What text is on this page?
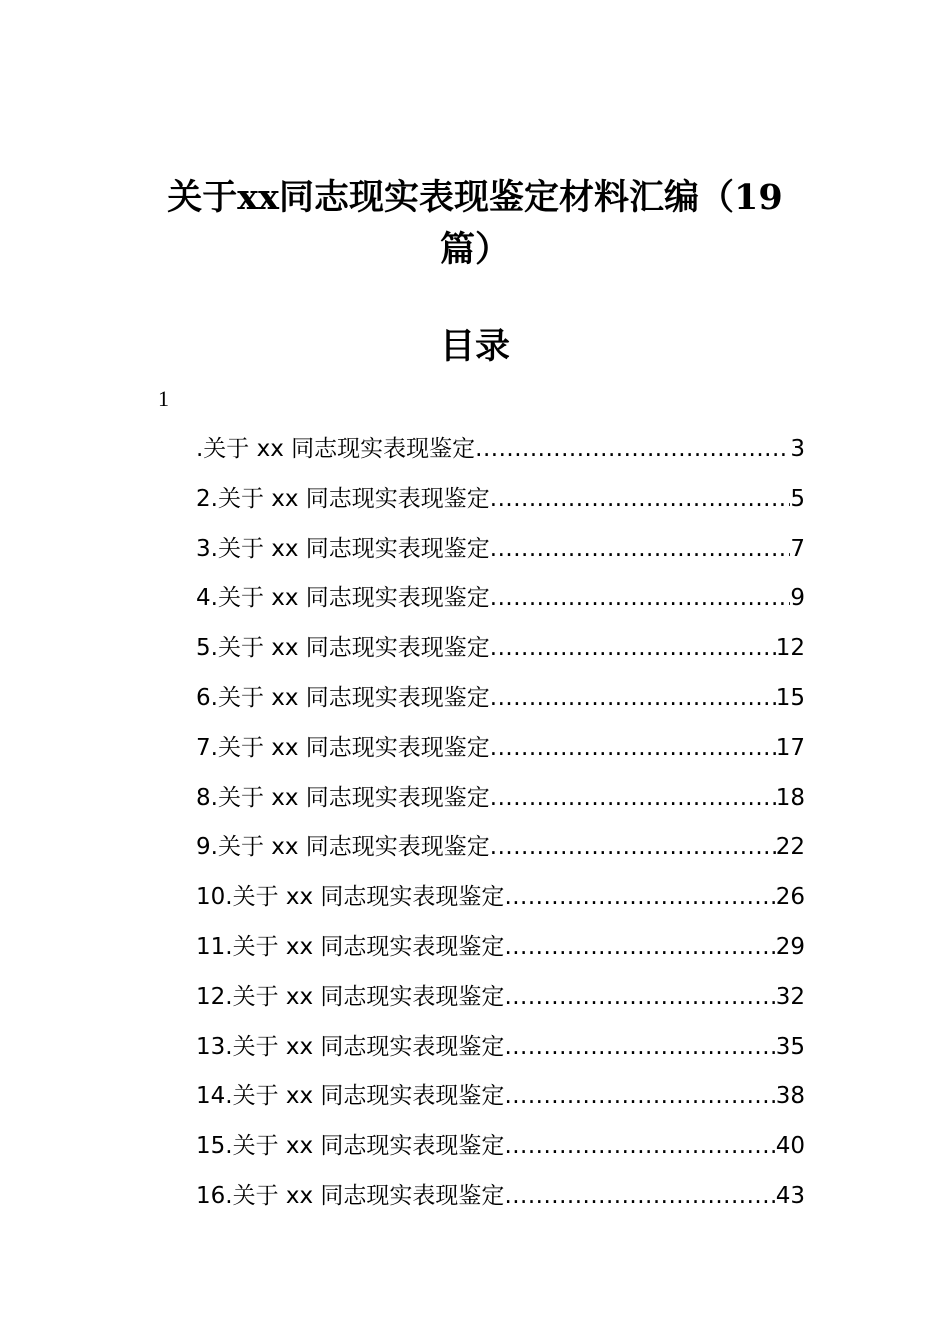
关于xx同志现实表现鉴定材料汇编（19篇）
目录
1
.关于 xx 同志现实表现鉴定 .....	3
2.关于 xx 同志现实表现鉴定 .....	5
3.关于 xx 同志现实表现鉴定 .....	7
4.关于 xx 同志现实表现鉴定 .....	9
5.关于 xx 同志现实表现鉴定 .....	12
6.关于 xx 同志现实表现鉴定 .....	15
7.关于 xx 同志现实表现鉴定 .....	17
8.关于 xx 同志现实表现鉴定 .....	18
9.关于 xx 同志现实表现鉴定 .....	22
10.关于 xx 同志现实表现鉴定 .....	26
11.关于 xx 同志现实表现鉴定 .....	29
12.关于 xx 同志现实表现鉴定 .....	32
13.关于 xx 同志现实表现鉴定 .....	35
14.关于 xx 同志现实表现鉴定 .....	38
15.关于 xx 同志现实表现鉴定 .....	40
16.关于 xx 同志现实表现鉴定 .....	43
